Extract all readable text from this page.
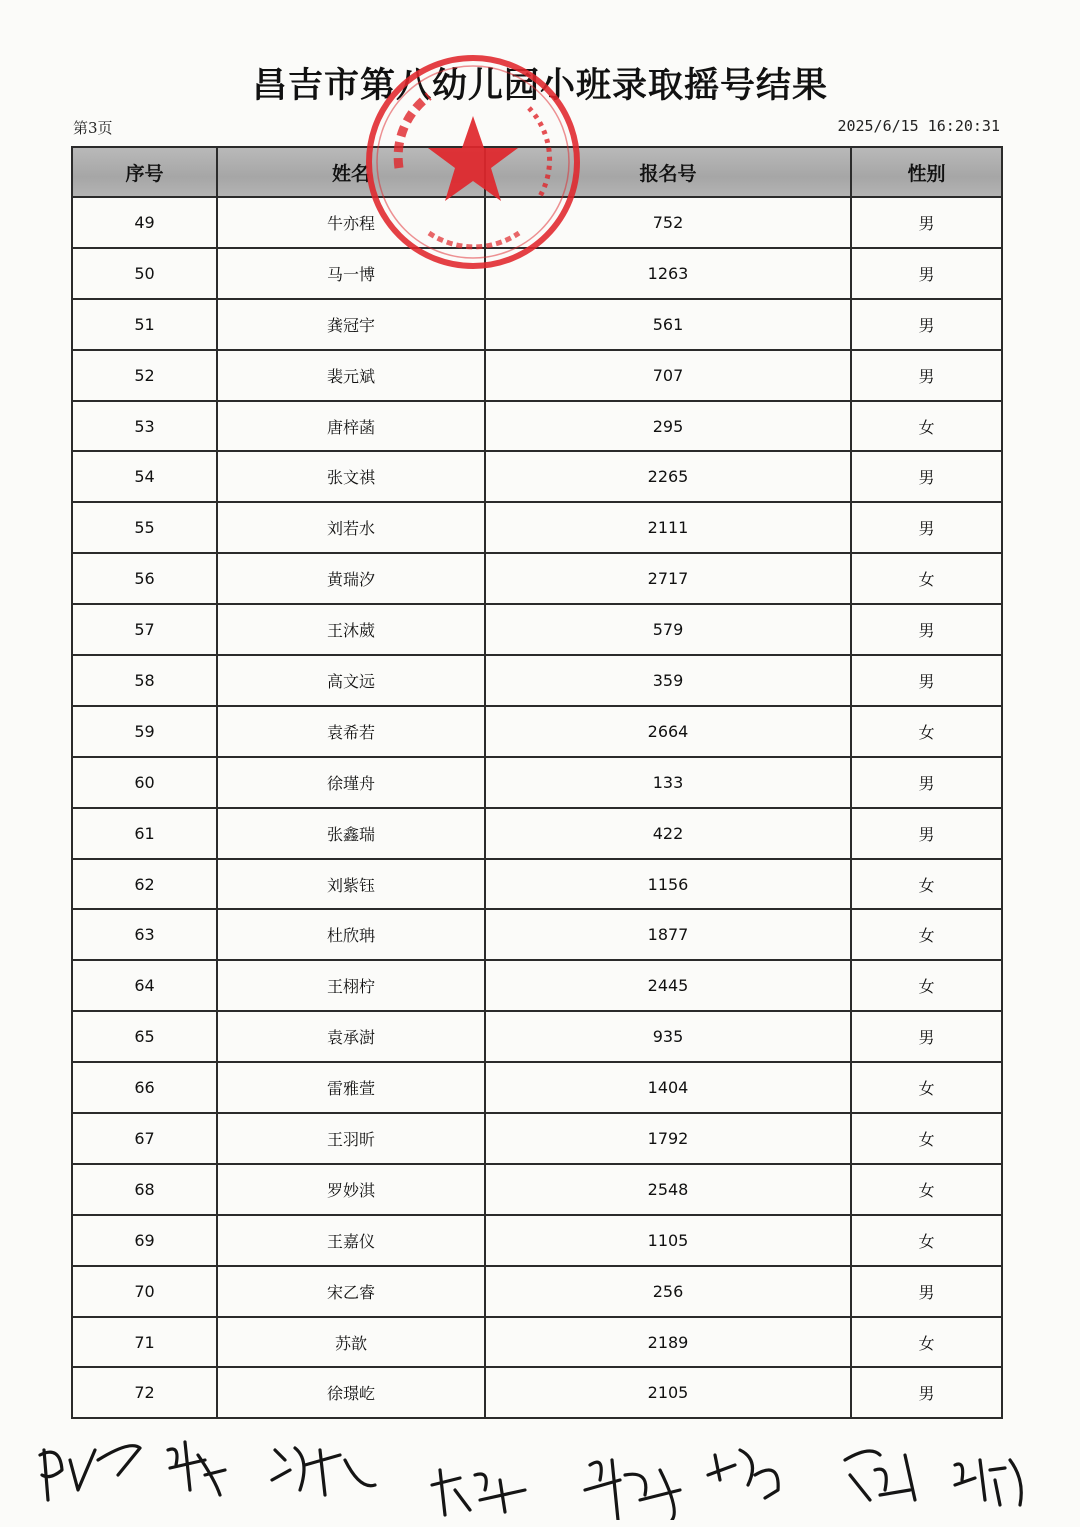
昌吉市第八幼儿园小班录取摇号结果
第3页	2025/6/15 16:20:31
序号	姓名	报名号	性别
49	牛亦程	752	男
50	马一博	1263	男
51	龚冠宇	561	男
52	裴元斌	707	男
53	唐梓菡	295	女
54	张文祺	2265	男
55	刘若水	2111	男
56	黄瑞汐	2717	女
57	王沐葳	579	男
58	高文远	359	男
59	袁希若	2664	女
60	徐瑾舟	133	男
61	张鑫瑞	422	男
62	刘紫钰	1156	女
63	杜欣珃	1877	女
64	王栩柠	2445	女
65	袁承澍	935	男
66	雷雅萱	1404	女
67	王羽昕	1792	女
68	罗妙淇	2548	女
69	王嘉仪	1105	女
70	宋乙睿	256	男
71	苏歆	2189	女
72	徐璟屹	2105	男
